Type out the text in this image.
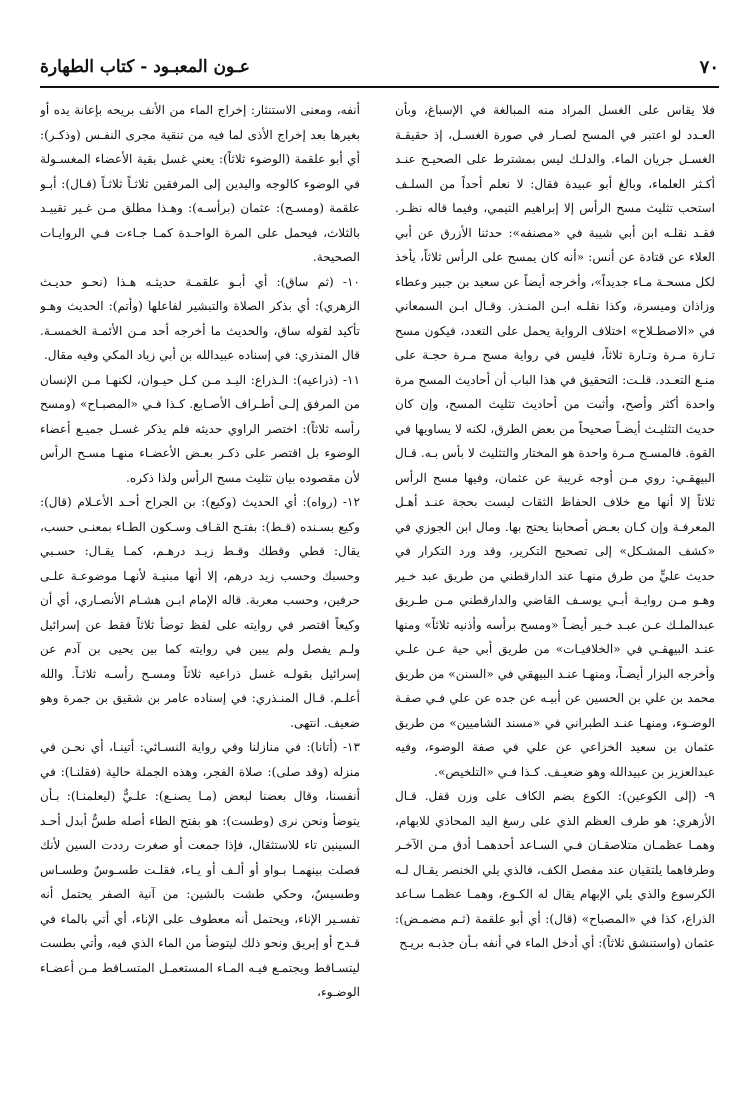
٧٠
عـون المعبـود - كتاب الطهارة

فلا يقاس على الغسل المراد منه المبالغة في الإسباغ، وبأن العـدد لو اعتبر في المسح لصـار في صورة الغسـل، إذ حقيقـة الغسـل جريان الماء. والدلـك ليس بمشترط على الصحيـح عنـد أكـثر العلماء، وبالغ أبو عبيدة فقال: لا نعلم أحداً من السلـف استحب تثليث مسح الرأس إلا إبراهيم التيمي، وفيما قاله نظـر. فقـد نقلـه ابن أبي شيبة في «مصنفه»: حدثنا الأزرق عن أبي العلاء عن قتادة عن أنس: «أنه كان يمسح على الرأس ثلاثاً، يأخذ لكل مسحـة مـاء جديداً»، وأخرجه أيضاً عن سعيد بن جبير وعطاء وزاذان وميسرة، وكذا نقلـه ابـن المنـذر. وقـال ابـن السمعاني في «الاصطـلاح» اختلاف الرواية يحمل على التعدد، فيكون مسح تـارة مـرة وتـارة ثلاثاً، فليس في رواية مسح مـرة حجـة على منـع التعـدد. قلـت: التحقيق في هذا الباب أن أحاديث المسح مرة واحدة أكثر وأصح، وأثبت من أحاديث تثليث المسح، وإن كان حديث التثليـث أيضـاً صحيحاً من بعض الطرق، لكنه لا يساويها في القوة. فالمسـح مـرة واحدة هو المختار والتثليث لا بأس بـه. قـال البيهقـي: روي مـن أوجه غريبة عن عثمان، وفيها مسح الرأس ثلاثاً إلا أنها مع خلاف الحفاظ الثقات ليست بحجة عنـد أهـل المعرفـة وإن كـان بعـض أصحابنا يحتج بها. ومال ابن الجوزي في «كشف المشـكل» إلى تصحيح التكرير، وقد ورد التكرار في حديث عليٍّ من طرق منهـا عند الدارقطني من طريق عبد خـير وهـو مـن روايـة أبـي يوسـف القاضي والدارقطني مـن طـريق عبدالملـك عـن عبـد خـير أيضـاً «ومسح برأسه وأذنيه ثلاثاً» ومنها عنـد البيهقـي في «الخلافيـات» من طريق أبي حية عـن علـي وأخرجه البزار أيضـاً، ومنهـا عنـد البيهقي في «السنن» من طريق محمد بن علي بن الحسين عن أبيـه عن جده عن علي فـي صفـة الوضـوء، ومنهـا عنـد الطبراني في «مسند الشاميين» من طريق عثمان بن سعيد الخزاعي عن علي في صفة الوضوء، وفيه عبدالعزيز بن عبيدالله وهو ضعيـف. كـذا فـي «التلخيص».

٩- (إلى الكوعين): الكوع بضم الكاف على وزن قفل. قـال الأزهري: هو طرف العظم الذي على رسغ اليد المحاذي للابهام، وهمـا عظمـان متلاصقـان فـي السـاعد أحدهمـا أدق مـن الآخـر وطرفاهما يلتقيان عند مفصل الكف، فالذي يلي الخنصر يقـال لـه الكرسوع والذي يلي الإبهام يقال له الكـوع، وهمـا عظمـا سـاعد الذراع، كذا في «المصباح» (قال): أي أبو علقمة (ثـم مضمـض): عثمان (واستنشق ثلاثاً): أي أدخل الماء في أنفه بـأن جذبـه بريـح

أنفه، ومعنى الاستنثار: إخراج الماء من الأنف بريحه بإعانة يده أو بغيرها بعد إخراج الأذى لما فيه من تنقية مجرى النفـس (وذكـر): أي أبو علقمة (الوضوء ثلاثاً): يعني غسل بقية الأعضاء المغسـولة في الوضوء كالوجه واليدين إلى المرفقين ثلاثـاً ثلاثـاً (قـال): أبـو علقمة (ومسـح): عثمان (برأسـه): وهـذا مطلق مـن غـير تقييـد بالثلاث، فيحمل على المرة الواحـدة كمـا جـاءت فـي الروايـات الصحيحة.

١٠- (ثم ساق): أي أبـو علقمـة حديثـه هـذا (نحـو حديـث الزهري): أي بذكر الصلاة والتبشير لفاعلها (وأتم): الحديث وهـو تأكيد لقوله ساق، والحديث ما أخرجه أحد مـن الأئمـة الخمسـة. قال المنذري: في إسناده عبيدالله بن أبي زياد المكي وفيه مقال.

١١- (ذراعيه): الـذراع: اليـد مـن كـل حيـوان، لكنهـا مـن الإنسان من المرفق إلـى أطـراف الأصـابع. كـذا فـي «المصبـاح» (ومسح رأسه ثلاثاً): اختصر الراوي حديثه فلم يذكر غسـل جميـع أعضاء الوضوء بل اقتصر على ذكـر بعـض الأعضـاء منهـا مسـح الرأس لأن مقصوده بيان تثليث مسح الرأس ولذا ذكره.

١٢- (رواه): أي الحديث (وكيع): بن الجراح أحـد الأعـلام (قال): وكيع بسـنده (قـط): بفتـح القـاف وسـكون الطـاء بمعنـى حسب، يقال: قطي وقطك وقـط زيـد درهـم، كمـا يقـال: حسـبي وحسبك وحسب زيد درهم، إلا أنها مبنيـة لأنهـا موضوعـة علـى حرفين، وحسب معربة. قاله الإمام ابـن هشـام الأنصـاري، أي أن وكيعاً اقتصر في روايته على لفظ توضأ ثلاثاً فقط عن إسرائيل ولـم يفصل ولم يبين في روايته كما بين يحيى بن آدم عن إسرائيل بقولـه غسل ذراعيه ثلاثاً ومسـح رأسـه ثلاثـاً. والله أعلـم. قـال المنـذري: في إسناده عامر بن شقيق بن جمرة وهو ضعيف. انتهى.

١٣- (أتانا): في منازلنا وفي رواية النسـائي: أتينـا، أي نحـن في منزله (وقد صلى): صلاة الفجر، وهذه الجملة حالية (فقلنـا): في أنفسنا، وقال بعضنا لبعض (مـا يصنـع): علـيٌّ (ليعلمنـا): بـأن يتوضأ ونحن نرى (وطست): هو بفتح الطاء أصله طسٌّ أبدل أحـد السينين تاء للاستثقال، فإذا جمعت أو صغرت رددت السين لأنك فصلت بينهمـا بـواو أو ألـف أو يـاء، فقلـت طسـوسٌ وطسـاس وطسيسٌ، وحكي طشت بالشين: من آنية الصفر يحتمل أنه تفسـير الإناء، ويحتمل أنه معطوف على الإناء، أي أتي بالماء في قـدح أو إبريق ونحو ذلك ليتوضأ من الماء الذي فيه، وأتي بطست ليتسـاقط ويجتمـع فيـه المـاء المستعمـل المتسـاقط مـن أعضـاء الوضـوء،
